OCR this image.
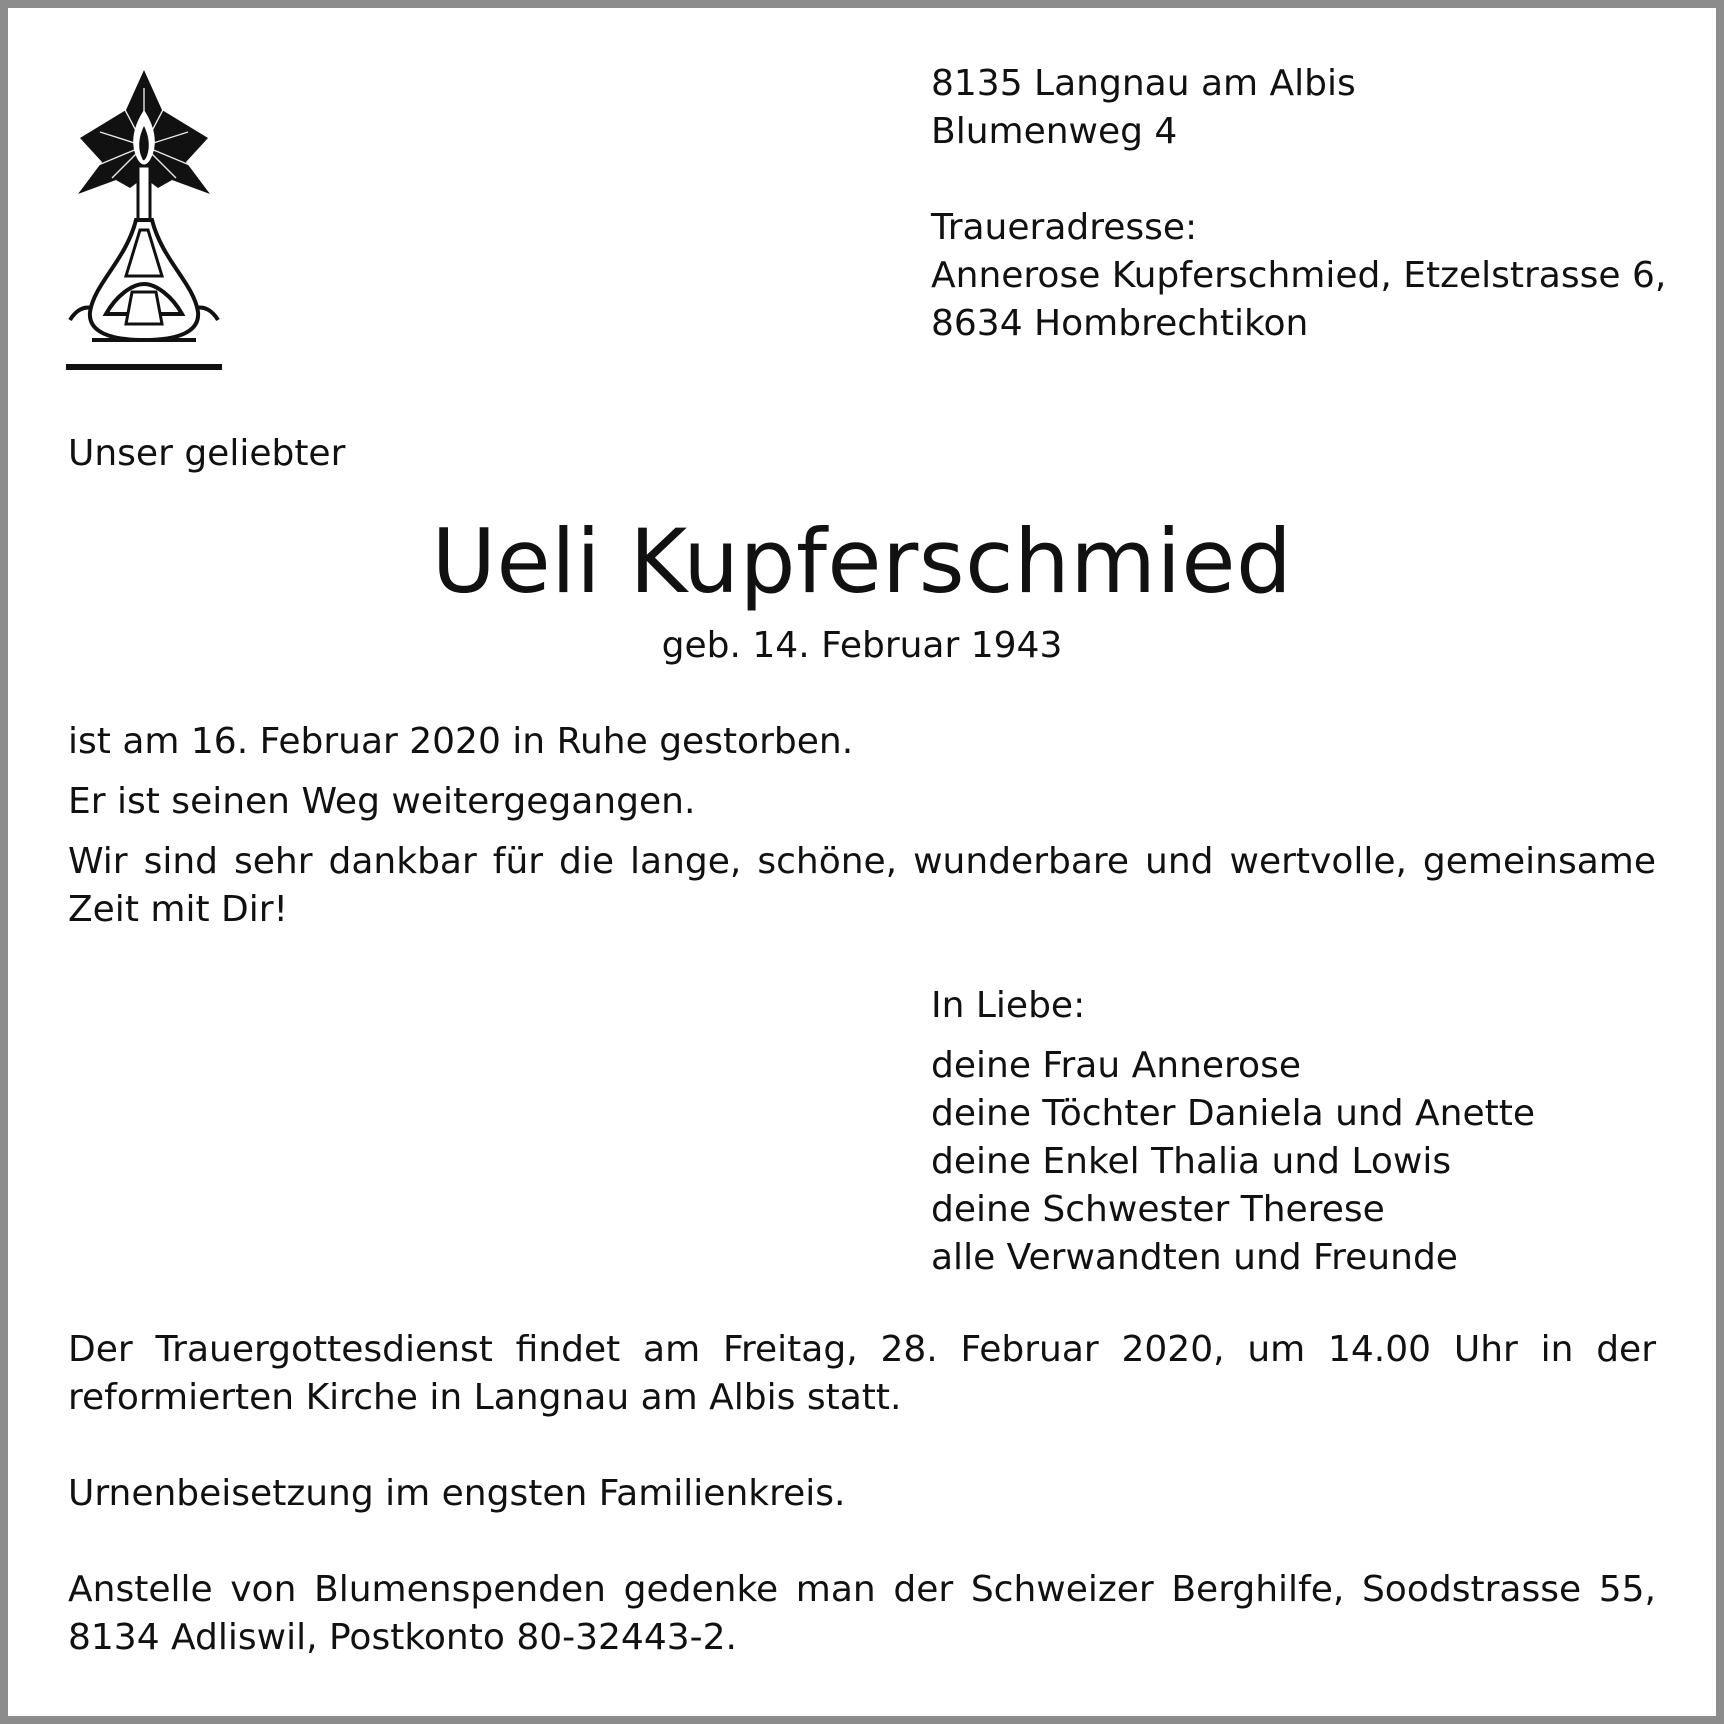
8135 Langnau am Albis
Blumenweg 4
Traueradresse:
Annerose Kupferschmied, Etzelstrasse 6,
8634 Hombrechtikon
Unser geliebter
Ueli Kupferschmied
geb. 14. Februar 1943
ist am 16. Februar 2020 in Ruhe gestorben.
Er ist seinen Weg weitergegangen.
Wir sind sehr dankbar für die lange, schöne, wunderbare und wertvolle, gemeinsame Zeit mit Dir!
In Liebe:
deine Frau Annerose
deine Töchter Daniela und Anette
deine Enkel Thalia und Lowis
deine Schwester Therese
alle Verwandten und Freunde
Der Trauergottesdienst findet am Freitag, 28. Februar 2020, um 14.00 Uhr in der reformierten Kirche in Langnau am Albis statt.
Urnenbeisetzung im engsten Familienkreis.
Anstelle von Blumenspenden gedenke man der Schweizer Berghilfe, Soodstrasse 55, 8134 Adliswil, Postkonto 80-32443-2.
